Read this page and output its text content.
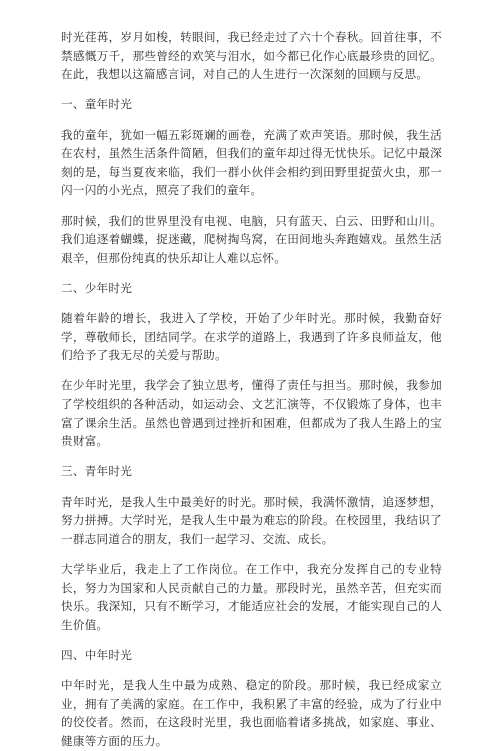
时光荏苒，岁月如梭，转眼间，我已经走过了六十个春秋。回首往事，不禁感慨万千，那些曾经的欢笑与泪水，如今都已化作心底最珍贵的回忆。在此，我想以这篇感言词，对自己的人生进行一次深刻的回顾与反思。

一、童年时光

我的童年，犹如一幅五彩斑斓的画卷，充满了欢声笑语。那时候，我生活在农村，虽然生活条件简陋，但我们的童年却过得无忧快乐。记忆中最深刻的是，每当夏夜来临，我们一群小伙伴会相约到田野里捉萤火虫，那一闪一闪的小光点，照亮了我们的童年。

那时候，我们的世界里没有电视、电脑，只有蓝天、白云、田野和山川。我们追逐着蝴蝶，捉迷藏，爬树掏鸟窝，在田间地头奔跑嬉戏。虽然生活艰辛，但那份纯真的快乐却让人难以忘怀。

二、少年时光

随着年龄的增长，我进入了学校，开始了少年时光。那时候，我勤奋好学，尊敬师长，团结同学。在求学的道路上，我遇到了许多良师益友，他们给予了我无尽的关爱与帮助。

在少年时光里，我学会了独立思考，懂得了责任与担当。那时候，我参加了学校组织的各种活动，如运动会、文艺汇演等，不仅锻炼了身体，也丰富了课余生活。虽然也曾遇到过挫折和困难，但都成为了我人生路上的宝贵财富。

三、青年时光

青年时光，是我人生中最美好的时光。那时候，我满怀激情，追逐梦想，努力拼搏。大学时光，是我人生中最为难忘的阶段。在校园里，我结识了一群志同道合的朋友，我们一起学习、交流、成长。

大学毕业后，我走上了工作岗位。在工作中，我充分发挥自己的专业特长，努力为国家和人民贡献自己的力量。那段时光，虽然辛苦，但充实而快乐。我深知，只有不断学习，才能适应社会的发展，才能实现自己的人生价值。

四、中年时光

中年时光，是我人生中最为成熟、稳定的阶段。那时候，我已经成家立业，拥有了美满的家庭。在工作中，我积累了丰富的经验，成为了行业中的佼佼者。然而，在这段时光里，我也面临着诸多挑战，如家庭、事业、健康等方面的压力。
